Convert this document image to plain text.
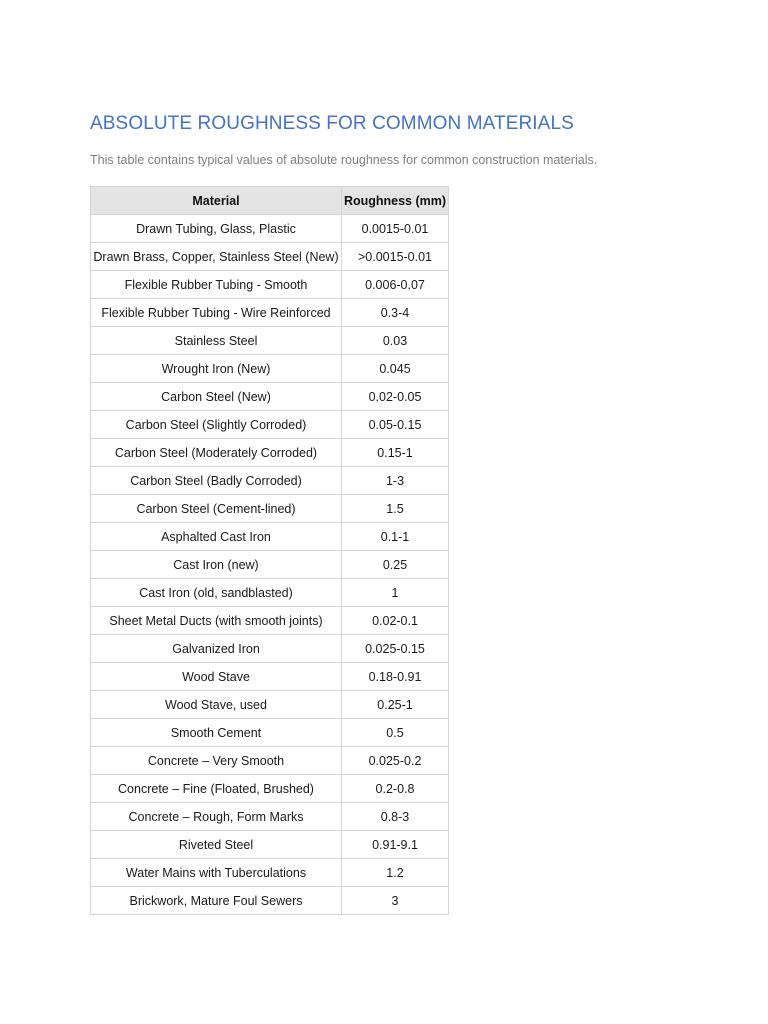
ABSOLUTE ROUGHNESS FOR COMMON MATERIALS

This table contains typical values of absolute roughness for common construction materials.

Material	Roughness (mm)
Drawn Tubing, Glass, Plastic	0.0015-0.01
Drawn Brass, Copper, Stainless Steel (New)	>0.0015-0.01
Flexible Rubber Tubing - Smooth	0.006-0.07
Flexible Rubber Tubing - Wire Reinforced	0.3-4
Stainless Steel	0.03
Wrought Iron (New)	0.045
Carbon Steel (New)	0.02-0.05
Carbon Steel (Slightly Corroded)	0.05-0.15
Carbon Steel (Moderately Corroded)	0.15-1
Carbon Steel (Badly Corroded)	1-3
Carbon Steel (Cement-lined)	1.5
Asphalted Cast Iron	0.1-1
Cast Iron (new)	0.25
Cast Iron (old, sandblasted)	1
Sheet Metal Ducts (with smooth joints)	0.02-0.1
Galvanized Iron	0.025-0.15
Wood Stave	0.18-0.91
Wood Stave, used	0.25-1
Smooth Cement	0.5
Concrete – Very Smooth	0.025-0.2
Concrete – Fine (Floated, Brushed)	0.2-0.8
Concrete – Rough, Form Marks	0.8-3
Riveted Steel	0.91-9.1
Water Mains with Tuberculations	1.2
Brickwork, Mature Foul Sewers	3
